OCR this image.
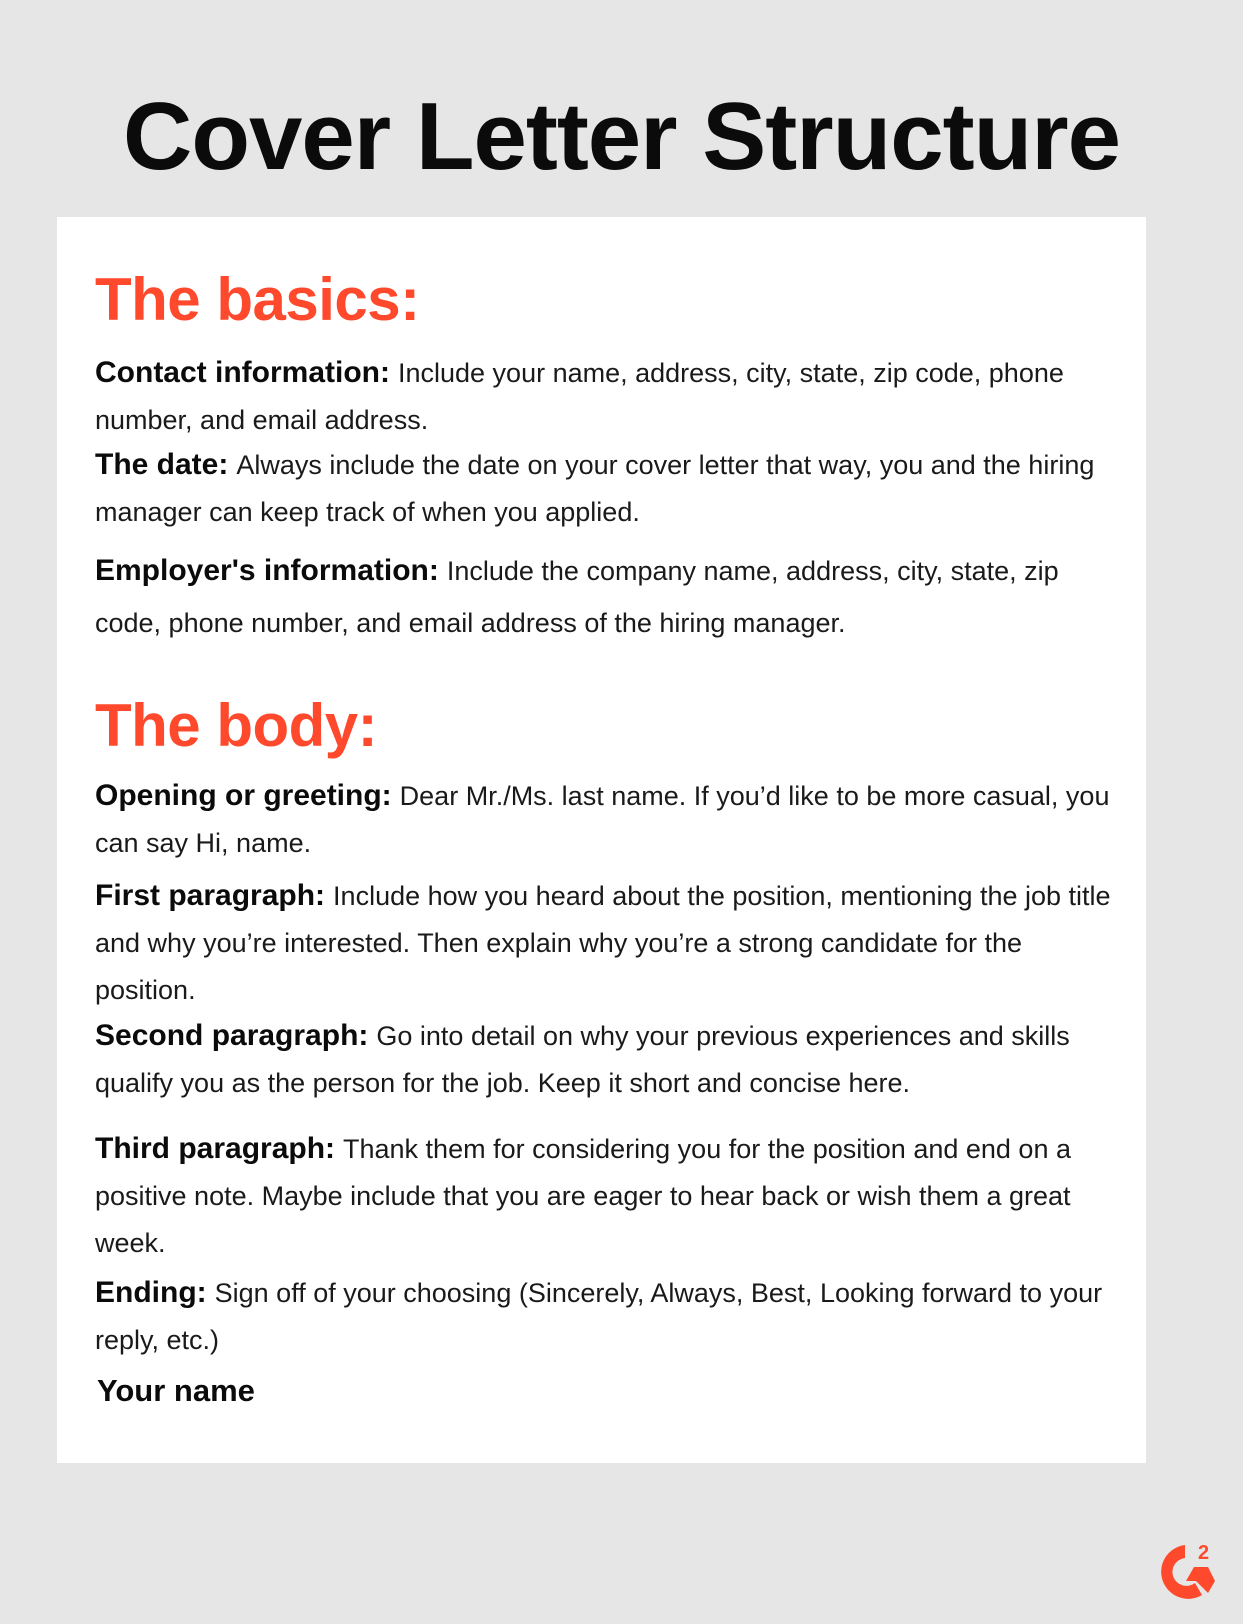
Cover Letter Structure
The basics:
Contact information: Include your name, address, city, state, zip code, phone number, and email address.
The date: Always include the date on your cover letter that way, you and the hiring manager can keep track of when you applied.
Employer's information: Include the company name, address, city, state, zip code, phone number, and email address of the hiring manager.
The body:
Opening or greeting: Dear Mr./Ms. last name. If you’d like to be more casual, you can say Hi, name.
First paragraph: Include how you heard about the position, mentioning the job title and why you’re interested. Then explain why you’re a strong candidate for the position.
Second paragraph: Go into detail on why your previous experiences and skills qualify you as the person for the job. Keep it short and concise here.
Third paragraph: Thank them for considering you for the position and end on a positive note. Maybe include that you are eager to hear back or wish them a great week.
Ending: Sign off of your choosing (Sincerely, Always, Best, Looking forward to your reply, etc.)
Your name
2
